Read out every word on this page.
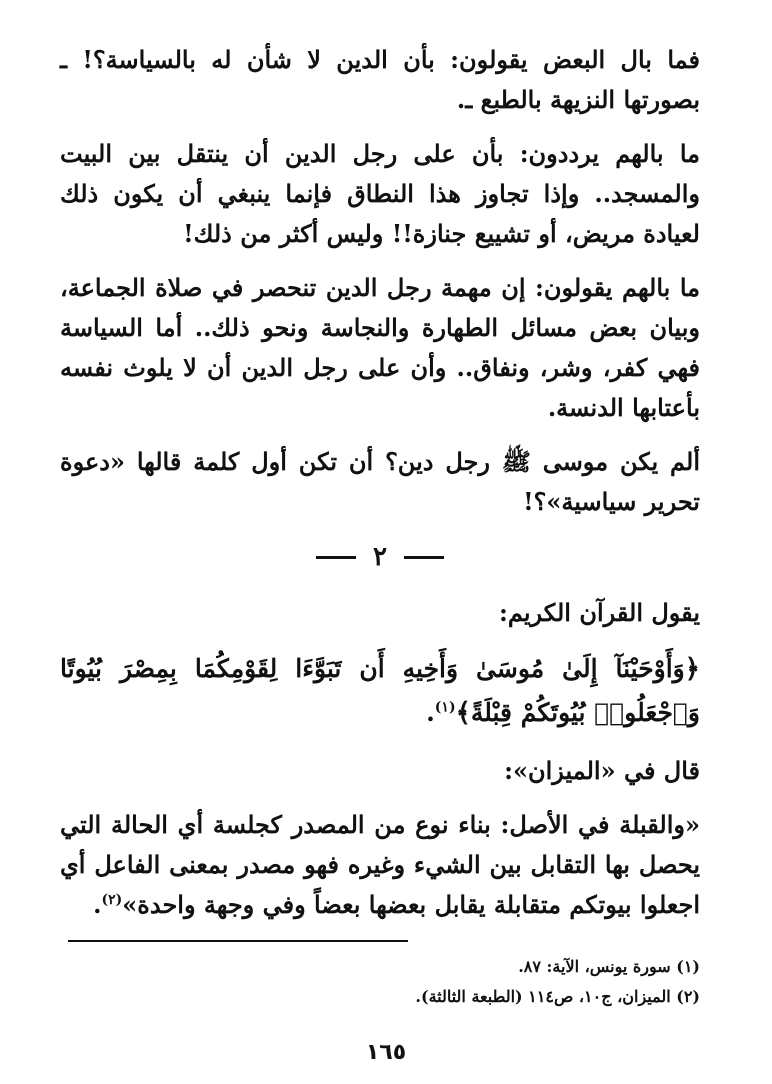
فما بال البعض يقولون: بأن الدين لا شأن له بالسياسة؟! ـ بصورتها النزيهة بالطبع ـ.

ما بالهم يرددون: بأن على رجل الدين أن ينتقل بين البيت والمسجد.. وإذا تجاوز هذا النطاق فإنما ينبغي أن يكون ذلك لعيادة مريض، أو تشييع جنازة!! وليس أكثر من ذلك!

ما بالهم يقولون: إن مهمة رجل الدين تنحصر في صلاة الجماعة، وبيان بعض مسائل الطهارة والنجاسة ونحو ذلك.. أما السياسة فهي كفر، وشر، ونفاق.. وأن على رجل الدين أن لا يلوث نفسه بأعتابها الدنسة.

ألم يكن موسى ﷺ رجل دين؟ أن تكن أول كلمة قالها «دعوة تحرير سياسية»؟!

٢

يقول القرآن الكريم:

﴿وَأَوْحَيْنَآ إِلَىٰ مُوسَىٰ وَأَخِيهِ أَن تَبَوَّءَا لِقَوْمِكُمَا بِمِصْرَ بُيُوتًا وَٱجْعَلُوا۟ بُيُوتَكُمْ قِبْلَةً﴾$^{(١)}$.

قال في «الميزان»:

«والقبلة في الأصل: بناء نوع من المصدر كجلسة أي الحالة التي يحصل بها التقابل بين الشيء وغيره فهو مصدر بمعنى الفاعل أي اجعلوا بيوتكم متقابلة يقابل بعضها بعضاً وفي وجهة واحدة»$^{(٢)}$.

(١) سورة يونس، الآية: ٨٧.
(٢) الميزان، ج١٠، ص١١٤ (الطبعة الثالثة).
١٦٥
